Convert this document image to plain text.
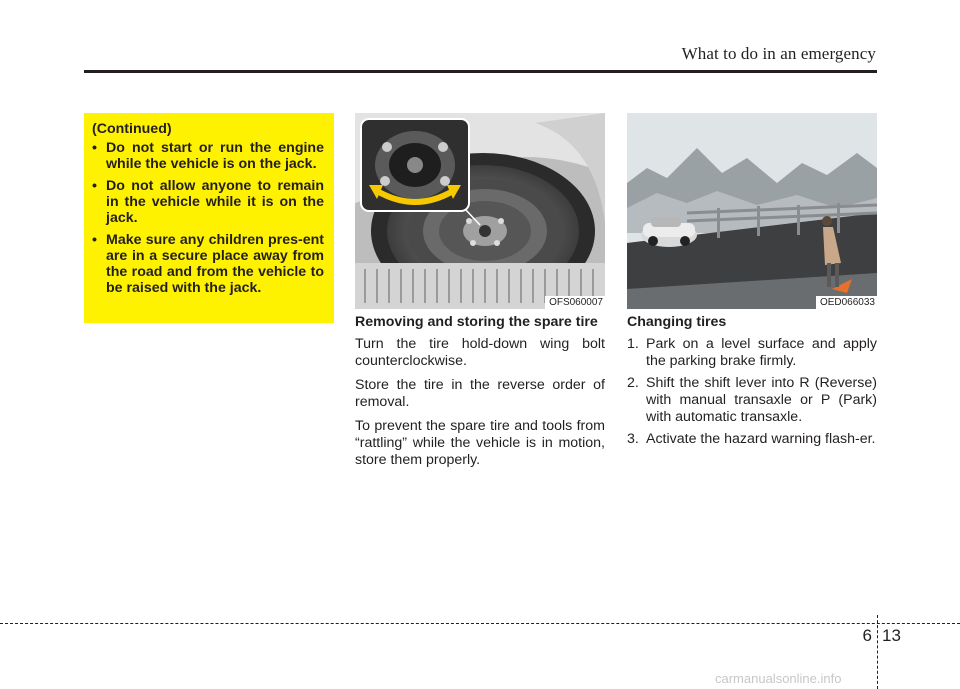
What to do in an emergency
(Continued)
• Do not start or run the engine while the vehicle is on the jack.
• Do not allow anyone to remain in the vehicle while it is on the jack.
• Make sure any children pres-ent are in a secure place away from the road and from the vehicle to be raised with the jack.
OFS060007	OED066033
Removing and storing the spare tire

Turn the tire hold-down wing bolt counterclockwise.

Store the tire in the reverse order of removal.

To prevent the spare tire and tools from “rattling” while the vehicle is in motion, store them properly.

Changing tires
1. Park on a level surface and apply the parking brake firmly.
2. Shift the shift lever into R (Reverse) with manual transaxle or P (Park) with automatic transaxle.
3. Activate the hazard warning flash-er.
6 13
carmanualsonline.info
